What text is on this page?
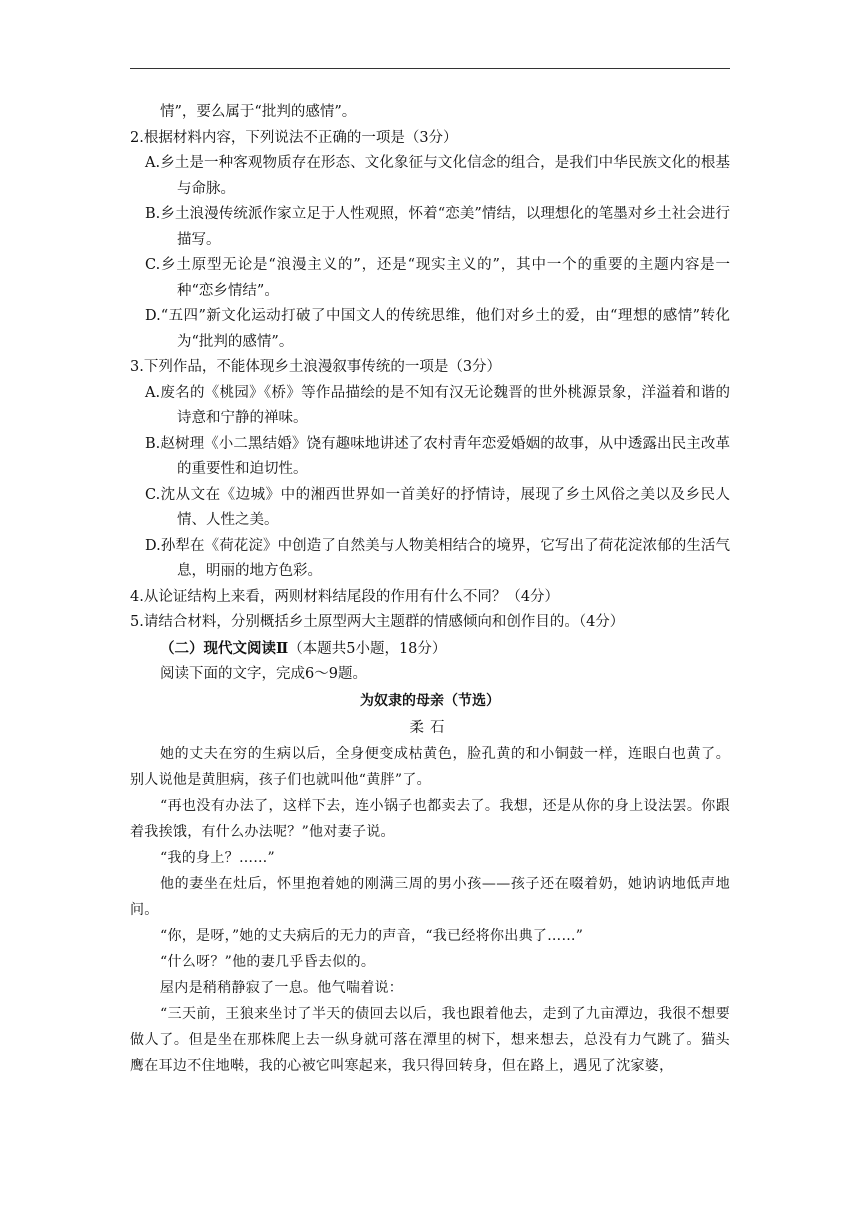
情”，要么属于“批判的感情”。

2.根据材料内容，下列说法不正确的一项是（3分）

A.乡土是一种客观物质存在形态、文化象征与文化信念的组合，是我们中华民族文化的根基与命脉。

B.乡土浪漫传统派作家立足于人性观照，怀着“恋美”情结，以理想化的笔墨对乡土社会进行描写。

C.乡土原型无论是“浪漫主义的”，还是“现实主义的”，其中一个的重要的主题内容是一种“恋乡情结”。

D.“五四”新文化运动打破了中国文人的传统思维，他们对乡土的爱，由“理想的感情”转化为“批判的感情”。

3.下列作品，不能体现乡土浪漫叙事传统的一项是（3分）

A.废名的《桃园》《桥》等作品描绘的是不知有汉无论魏晋的世外桃源景象，洋溢着和谐的诗意和宁静的禅味。

B.赵树理《小二黑结婚》饶有趣味地讲述了农村青年恋爱婚姻的故事，从中透露出民主改革的重要性和迫切性。

C.沈从文在《边城》中的湘西世界如一首美好的抒情诗，展现了乡土风俗之美以及乡民人情、人性之美。

D.孙犁在《荷花淀》中创造了自然美与人物美相结合的境界，它写出了荷花淀浓郁的生活气息，明丽的地方色彩。

4.从论证结构上来看，两则材料结尾段的作用有什么不同？（4分）

5.请结合材料，分别概括乡土原型两大主题群的情感倾向和创作目的。（4分）

（二）现代文阅读Ⅱ（本题共5小题，18分）

阅读下面的文字，完成6～9题。

为奴隶的母亲（节选）

柔石

她的丈夫在穷的生病以后，全身便变成枯黄色，脸孔黄的和小铜鼓一样，连眼白也黄了。别人说他是黄胆病，孩子们也就叫他“黄胖”了。

“再也没有办法了，这样下去，连小锅子也都卖去了。我想，还是从你的身上设法罢。你跟着我挨饿，有什么办法呢？”他对妻子说。

“我的身上？……”

他的妻坐在灶后，怀里抱着她的刚满三周的男小孩——孩子还在啜着奶，她讷讷地低声地问。

“你，是呀，”她的丈夫病后的无力的声音，“我已经将你出典了……”

“什么呀？”他的妻几乎昏去似的。

屋内是稍稍静寂了一息。他气喘着说：

“三天前，王狼来坐讨了半天的债回去以后，我也跟着他去，走到了九亩潭边，我很不想要做人了。但是坐在那株爬上去一纵身就可落在潭里的树下，想来想去，总没有力气跳了。猫头鹰在耳边不住地啭，我的心被它叫寒起来，我只得回转身，但在路上，遇见了沈家婆，
